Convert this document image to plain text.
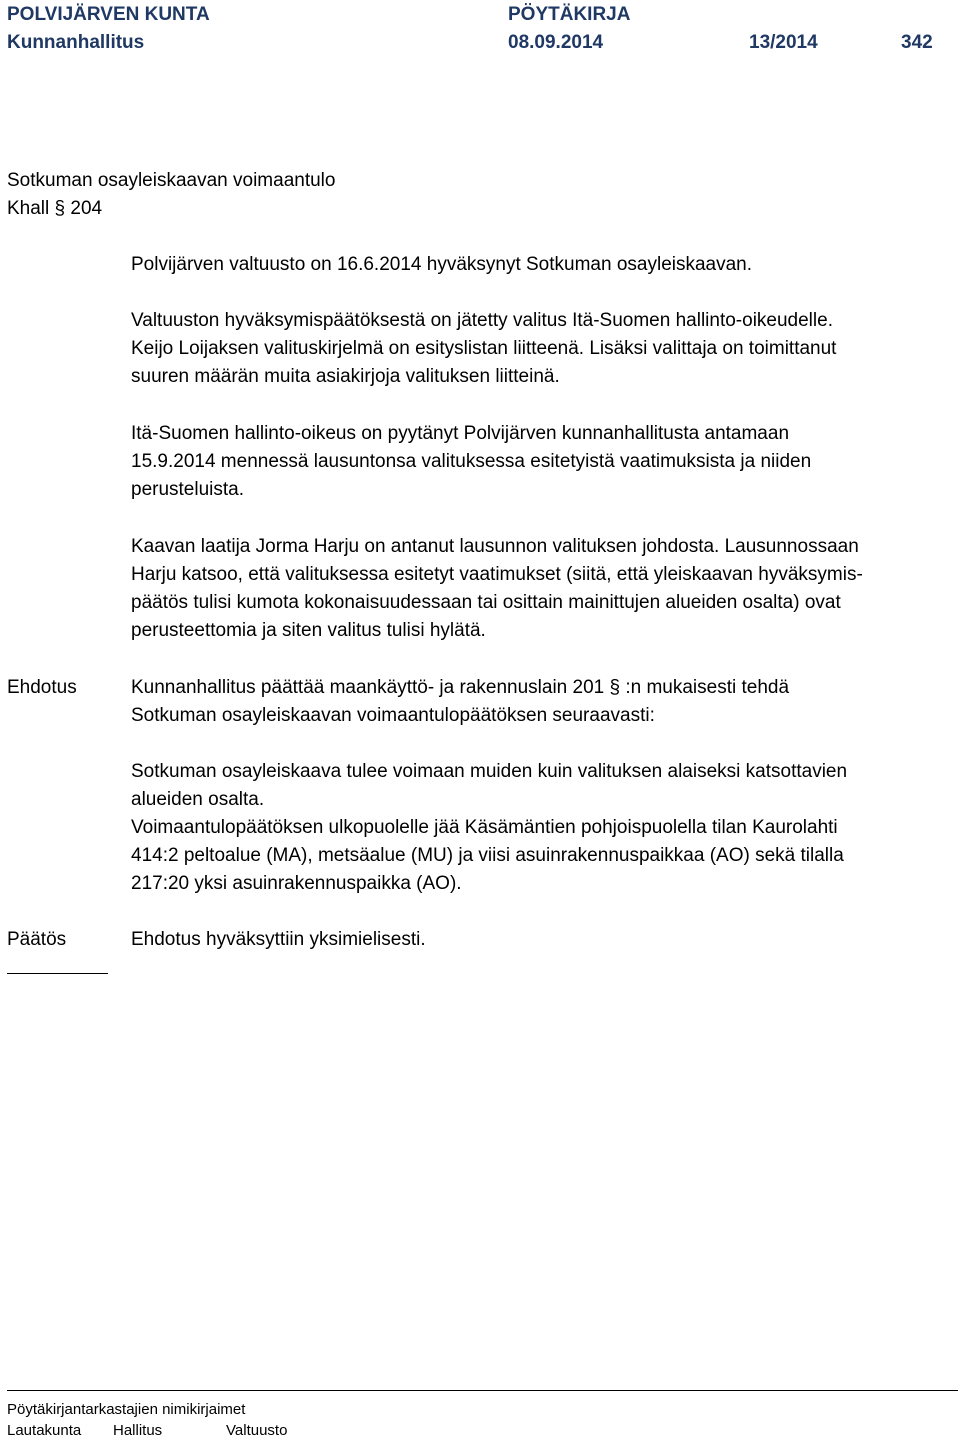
POLVIJÄRVEN KUNTA	PÖYTÄKIRJA
Kunnanhallitus	08.09.2014	13/2014	342
Sotkuman osayleiskaavan voimaantulo
Khall § 204
Polvijärven valtuusto on 16.6.2014 hyväksynyt Sotkuman osayleiskaavan.
Valtuuston hyväksymispäätöksestä on jätetty valitus Itä-Suomen hallinto-oikeudelle.
Keijo Loijaksen valituskirjelmä on esityslistan liitteenä. Lisäksi valittaja on toimittanut
suuren määrän muita asiakirjoja valituksen liitteinä.
Itä-Suomen hallinto-oikeus on pyytänyt Polvijärven kunnanhallitusta antamaan
15.9.2014 mennessä lausuntonsa valituksessa esitetyistä vaatimuksista ja niiden
perusteluista.
Kaavan laatija Jorma Harju on antanut lausunnon valituksen johdosta. Lausunnossaan
Harju katsoo, että valituksessa esitetyt vaatimukset (siitä, että yleiskaavan hyväksymis-
päätös tulisi kumota kokonaisuudessaan tai osittain mainittujen alueiden osalta) ovat
perusteettomia ja siten valitus tulisi hylätä.
Ehdotus	Kunnanhallitus päättää maankäyttö- ja rakennuslain 201 § :n mukaisesti tehdä
Sotkuman osayleiskaavan voimaantulopäätöksen seuraavasti:
Sotkuman osayleiskaava tulee voimaan muiden kuin valituksen alaiseksi katsottavien
alueiden osalta.
Voimaantulopäätöksen ulkopuolelle jää Käsämäntien pohjoispuolella tilan Kaurolahti
414:2 peltoalue (MA), metsäalue (MU) ja viisi asuinrakennuspaikkaa (AO) sekä tilalla
217:20 yksi asuinrakennuspaikka (AO).
Päätös	Ehdotus hyväksyttiin yksimielisesti.
Pöytäkirjantarkastajien nimikirjaimet
Lautakunta Hallitus	Valtuusto
